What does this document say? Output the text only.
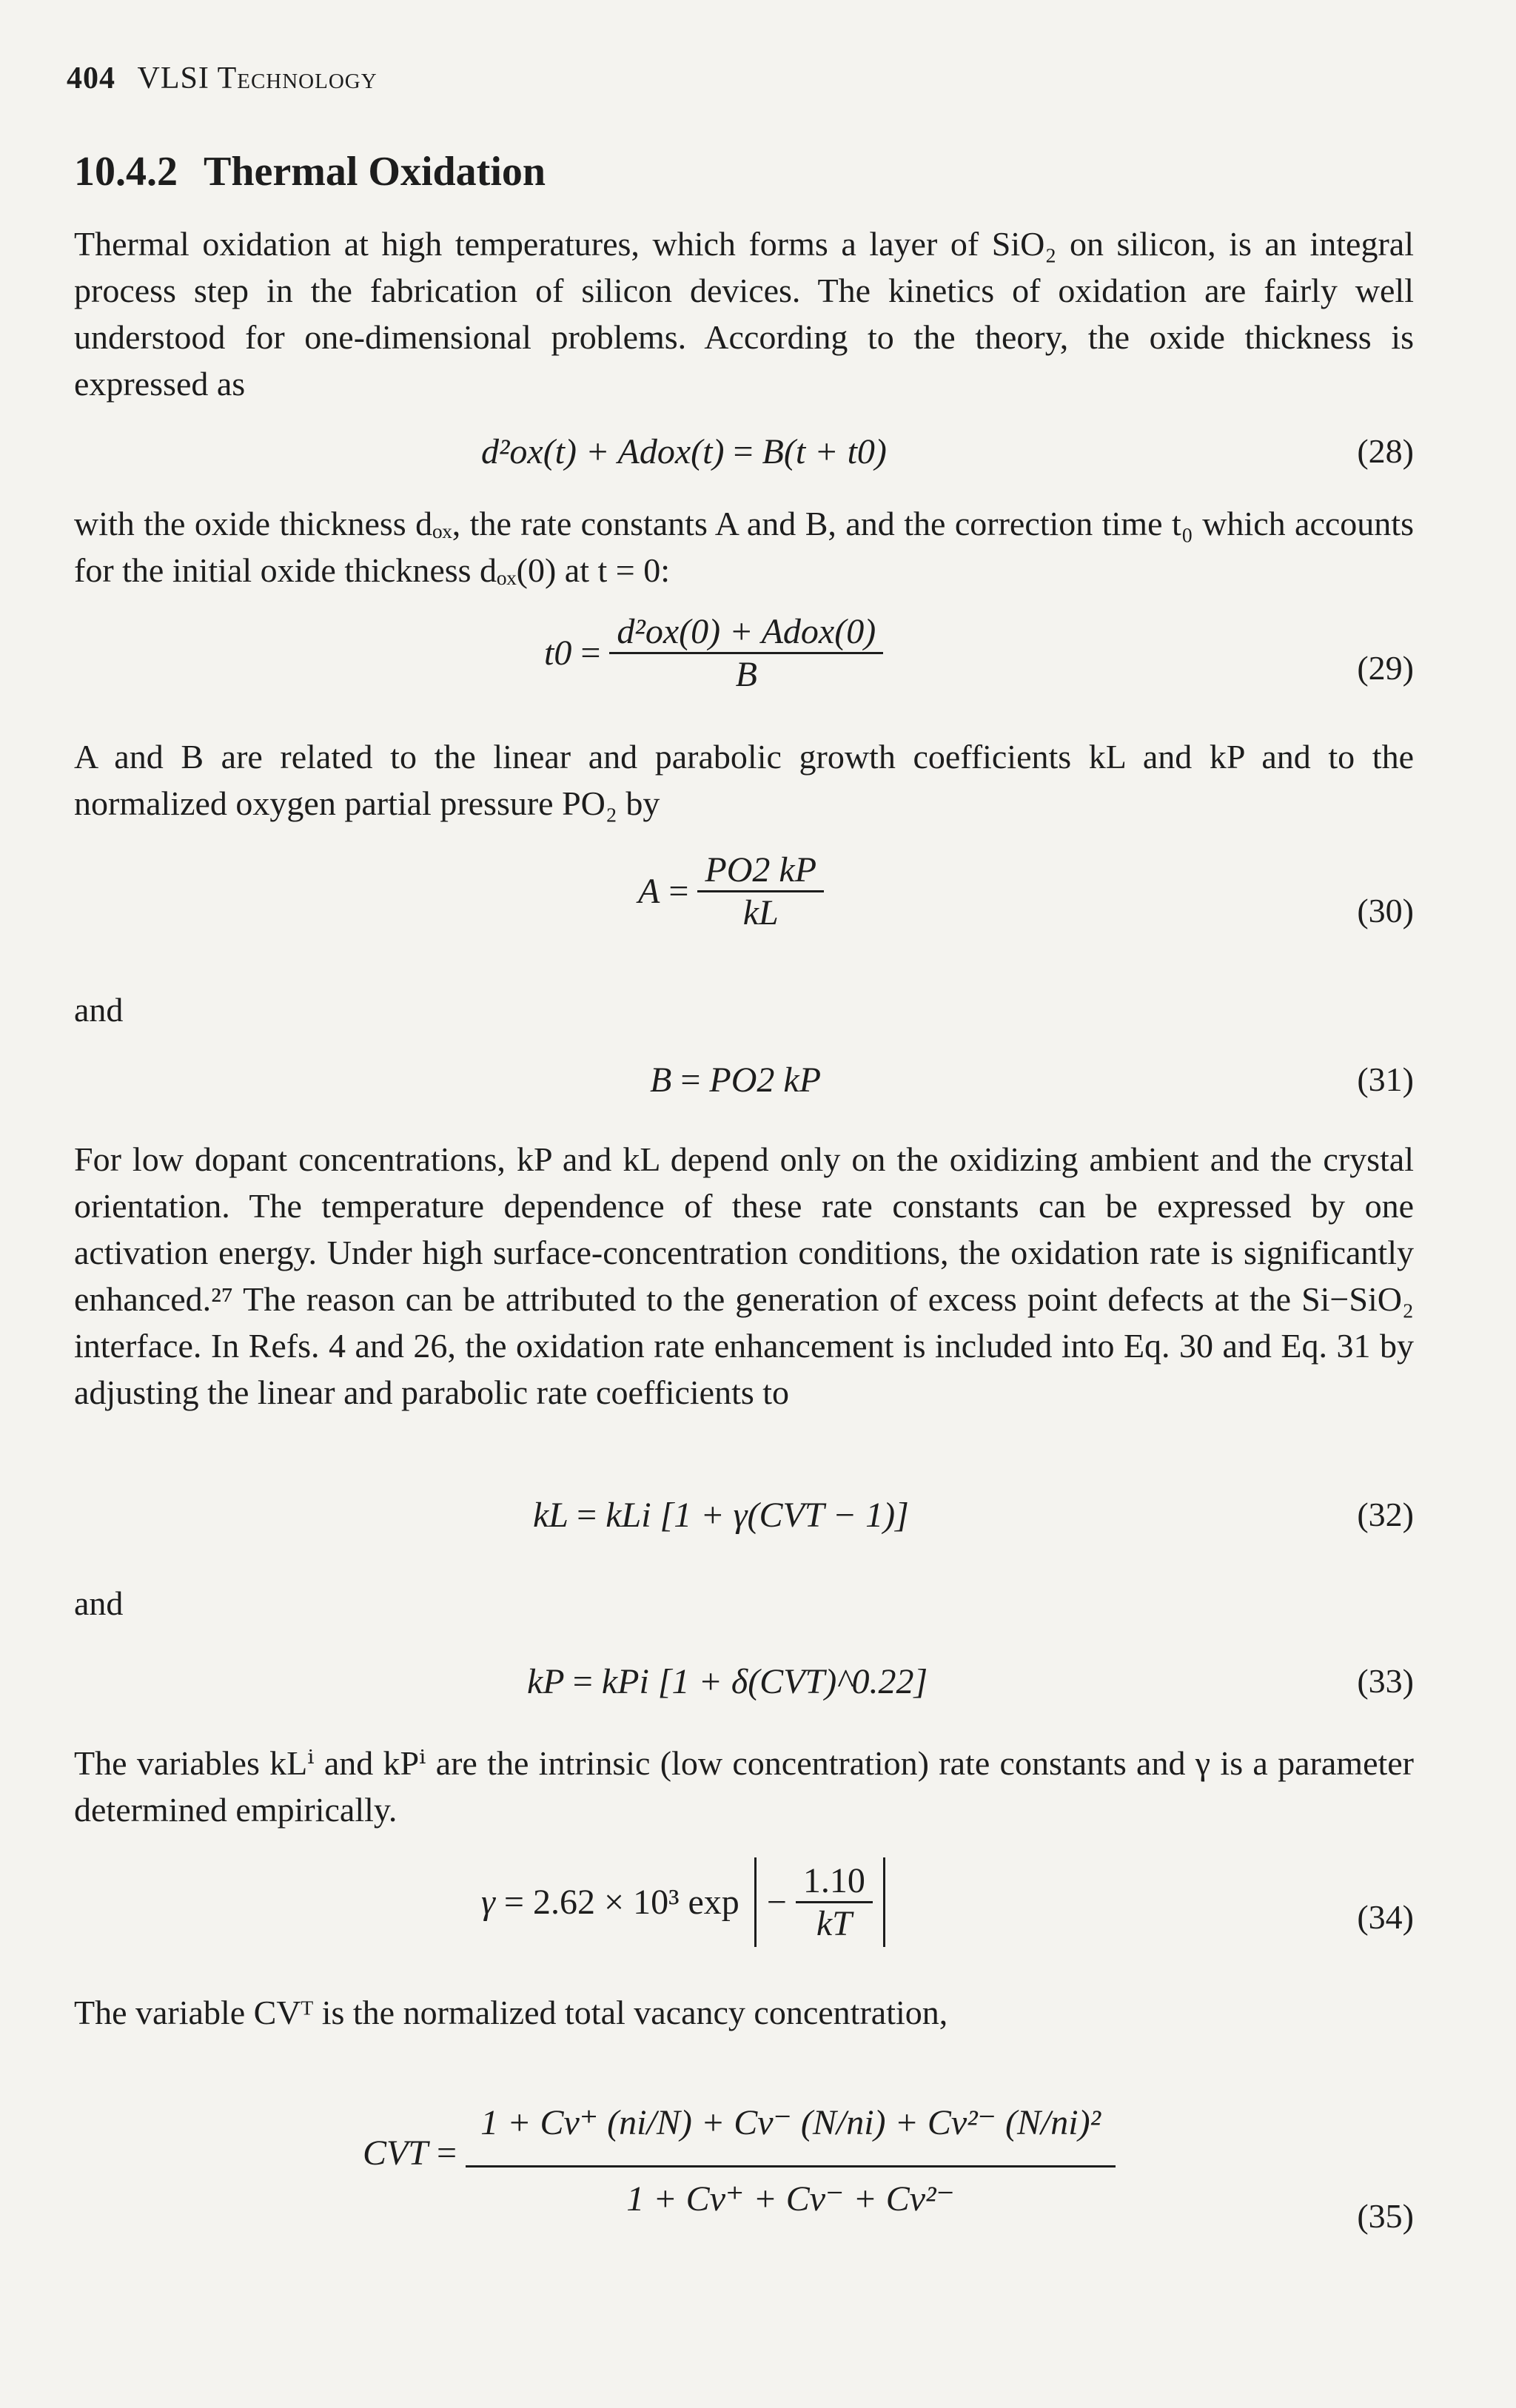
404 VLSI Technology
10.4.2 Thermal Oxidation
Thermal oxidation at high temperatures, which forms a layer of SiO₂ on silicon, is an integral process step in the fabrication of silicon devices. The kinetics of oxidation are fairly well understood for one-dimensional problems. According to the theory, the oxide thickness is expressed as
d²ox(t) + Adox(t) = B(t + t0)	(28)
with the oxide thickness dₒₓ, the rate constants A and B, and the correction time t₀ which accounts for the initial oxide thickness dₒₓ(0) at t = 0:
$t0 = \frac{\text{d²ox(0) + Adox(0)}}{B}$	(29)
A and B are related to the linear and parabolic growth coefficients kL and kP and to the normalized oxygen partial pressure PO₂ by
$A = \frac{PO2 kP}{kL}$	(30)
and
B = PO2 kP	(31)
For low dopant concentrations, kP and kL depend only on the oxidizing ambient and the crystal orientation. The temperature dependence of these rate constants can be expressed by one activation energy. Under high surface-concentration conditions, the oxidation rate is significantly enhanced.²⁷ The reason can be attributed to the generation of excess point defects at the Si−SiO₂ interface. In Refs. 4 and 26, the oxidation rate enhancement is included into Eq. 30 and Eq. 31 by adjusting the linear and parabolic rate coefficients to
kL = kLi [1 + γ(CVT − 1)]	(32)
and
kP = kPi [1 + δ(CVT)^0.22]	(33)
The variables kLⁱ and kPⁱ are the intrinsic (low concentration) rate constants and γ is a parameter determined empirically.
γ = 2.62 × 10³ $\exp - \frac{1.10}{kT}$	(34)
The variable CVᵀ is the normalized total vacancy concentration,
CVT = $\frac{\text{1 + Cv⁺ (ni/N) + Cv⁻ (N/ni) + Cv²⁻ (N/ni)²}}{\text{1 + Cv⁺ + Cv⁻ + Cv²⁻}}$	(35)
